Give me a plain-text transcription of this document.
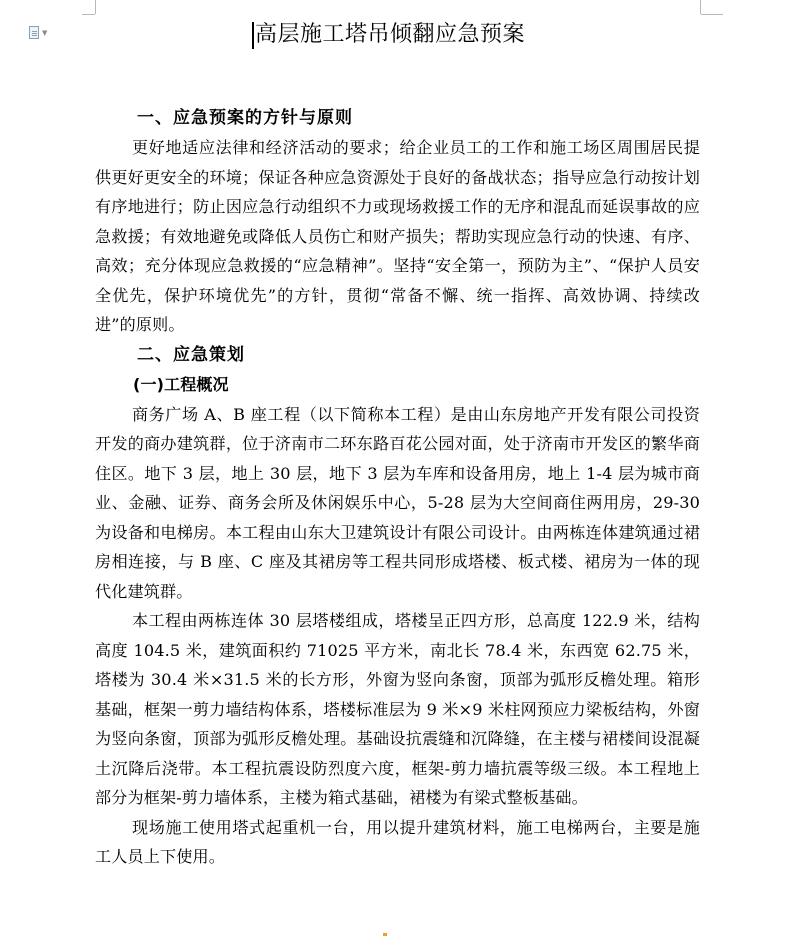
▼	高层施工塔吊倾翻应急预案

一、应急预案的方针与原则

更好地适应法律和经济活动的要求；给企业员工的工作和施工场区周围居民提供更好更安全的环境；保证各种应急资源处于良好的备战状态；指导应急行动按计划有序地进行；防止因应急行动组织不力或现场救援工作的无序和混乱而延误事故的应急救援；有效地避免或降低人员伤亡和财产损失；帮助实现应急行动的快速、有序、高效；充分体现应急救援的“应急精神”。坚持“安全第一，预防为主”、“保护人员安全优先，保护环境优先”的方针，贯彻“常备不懈、统一指挥、高效协调、持续改进”的原则。

二、应急策划

(一)工程概况

商务广场 A、B 座工程（以下简称本工程）是由山东房地产开发有限公司投资开发的商办建筑群，位于济南市二环东路百花公园对面，处于济南市开发区的繁华商住区。地下 3 层，地上 30 层，地下 3 层为车库和设备用房，地上 1-4 层为城市商业、金融、证券、商务会所及休闲娱乐中心，5-28 层为大空间商住两用房，29-30 为设备和电梯房。本工程由山东大卫建筑设计有限公司设计。由两栋连体建筑通过裙房相连接，与 B 座、C 座及其裙房等工程共同形成塔楼、板式楼、裙房为一体的现代化建筑群。

本工程由两栋连体 30 层塔楼组成，塔楼呈正四方形，总高度 122.9 米，结构高度 104.5 米，建筑面积约 71025 平方米，南北长 78.4 米，东西宽 62.75 米，塔楼为 30.4 米×31.5 米的长方形，外窗为竖向条窗，顶部为弧形反檐处理。箱形基础，框架一剪力墙结构体系，塔楼标准层为 9 米×9 米柱网预应力梁板结构，外窗为竖向条窗，顶部为弧形反檐处理。基础设抗震缝和沉降缝，在主楼与裙楼间设混凝土沉降后浇带。本工程抗震设防烈度六度，框架-剪力墙抗震等级三级。本工程地上部分为框架-剪力墙体系，主楼为箱式基础，裙楼为有梁式整板基础。

现场施工使用塔式起重机一台，用以提升建筑材料，施工电梯两台，主要是施工人员上下使用。
